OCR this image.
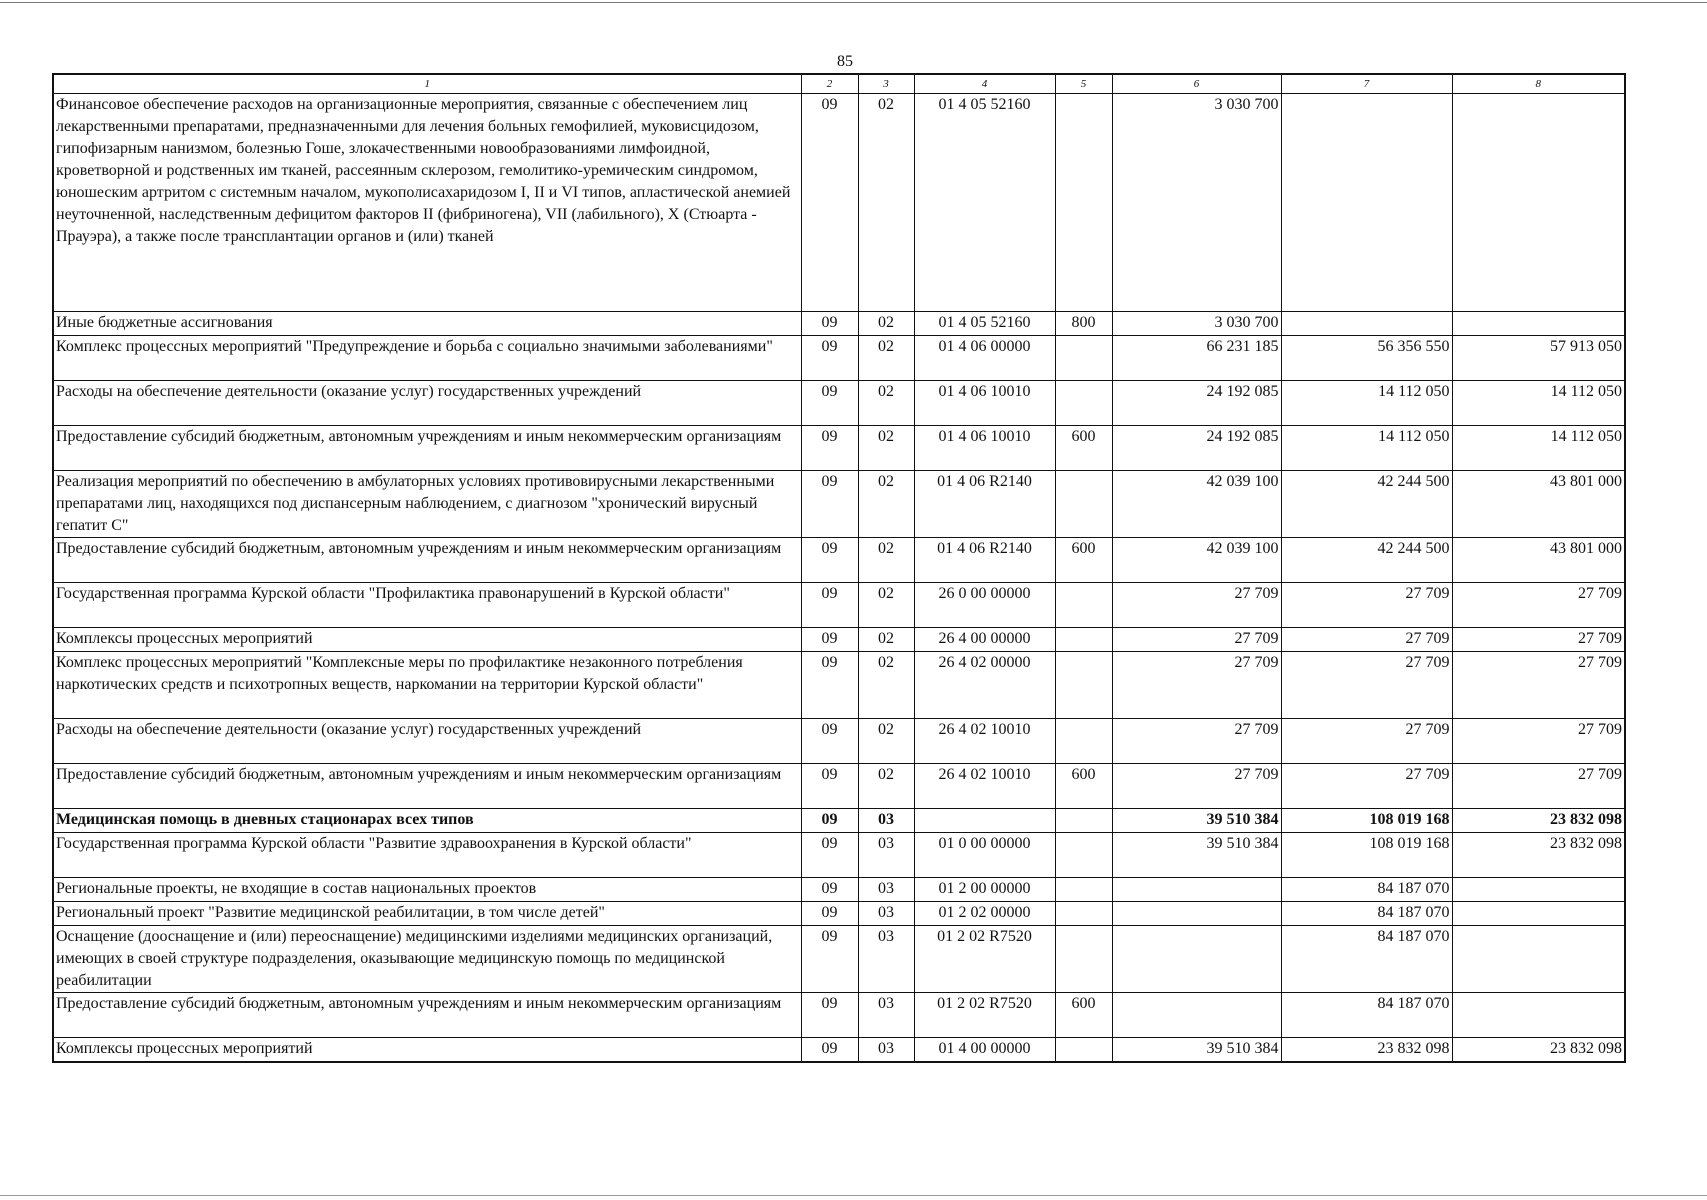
85
1	2	3	4	5	6	7	8
Финансовое обеспечение расходов на организационные мероприятия, связанные с обеспечением лиц лекарственными препаратами, предназначенными для лечения больных гемофилией, муковисцидозом, гипофизарным нанизмом, болезнью Гоше, злокачественными новообразованиями лимфоидной, кроветворной и родственных им тканей, рассеянным склерозом, гемолитико-уремическим синдромом, юношеским артритом с системным началом, мукополисахаридозом I, II и VI типов, апластической анемией неуточненной, наследственным дефицитом факторов II (фибриногена), VII (лабильного), X (Стюарта - Прауэра), а также после трансплантации органов и (или) тканей	09	02	01 4 05 52160		3 030 700		
Иные бюджетные ассигнования	09	02	01 4 05 52160	800	3 030 700		
Комплекс процессных мероприятий "Предупреждение и борьба с социально значимыми заболеваниями"	09	02	01 4 06 00000		66 231 185	56 356 550	57 913 050
Расходы на обеспечение деятельности (оказание услуг) государственных учреждений	09	02	01 4 06 10010		24 192 085	14 112 050	14 112 050
Предоставление субсидий бюджетным, автономным учреждениям и иным некоммерческим организациям	09	02	01 4 06 10010	600	24 192 085	14 112 050	14 112 050
Реализация мероприятий по обеспечению в амбулаторных условиях противовирусными лекарственными препаратами лиц, находящихся под диспансерным наблюдением, с диагнозом "хронический вирусный гепатит С"	09	02	01 4 06 R2140		42 039 100	42 244 500	43 801 000
Предоставление субсидий бюджетным, автономным учреждениям и иным некоммерческим организациям	09	02	01 4 06 R2140	600	42 039 100	42 244 500	43 801 000
Государственная программа Курской области "Профилактика правонарушений в Курской области"	09	02	26 0 00 00000		27 709	27 709	27 709
Комплексы процессных мероприятий	09	02	26 4 00 00000		27 709	27 709	27 709
Комплекс процессных мероприятий "Комплексные меры по профилактике незаконного потребления наркотических средств и психотропных веществ, наркомании на территории Курской области"	09	02	26 4 02 00000		27 709	27 709	27 709
Расходы на обеспечение деятельности (оказание услуг) государственных учреждений	09	02	26 4 02 10010		27 709	27 709	27 709
Предоставление субсидий бюджетным, автономным учреждениям и иным некоммерческим организациям	09	02	26 4 02 10010	600	27 709	27 709	27 709
Медицинская помощь в дневных стационарах всех типов	09	03			39 510 384	108 019 168	23 832 098
Государственная программа Курской области "Развитие здравоохранения в Курской области"	09	03	01 0 00 00000		39 510 384	108 019 168	23 832 098
Региональные проекты, не входящие в состав национальных проектов	09	03	01 2 00 00000			84 187 070	
Региональный проект "Развитие медицинской реабилитации, в том числе детей"	09	03	01 2 02 00000			84 187 070	
Оснащение (дооснащение и (или) переоснащение) медицинскими изделиями медицинских организаций, имеющих в своей структуре подразделения, оказывающие медицинскую помощь по медицинской реабилитации	09	03	01 2 02 R7520			84 187 070	
Предоставление субсидий бюджетным, автономным учреждениям и иным некоммерческим организациям	09	03	01 2 02 R7520	600		84 187 070	
Комплексы процессных мероприятий	09	03	01 4 00 00000		39 510 384	23 832 098	23 832 098
